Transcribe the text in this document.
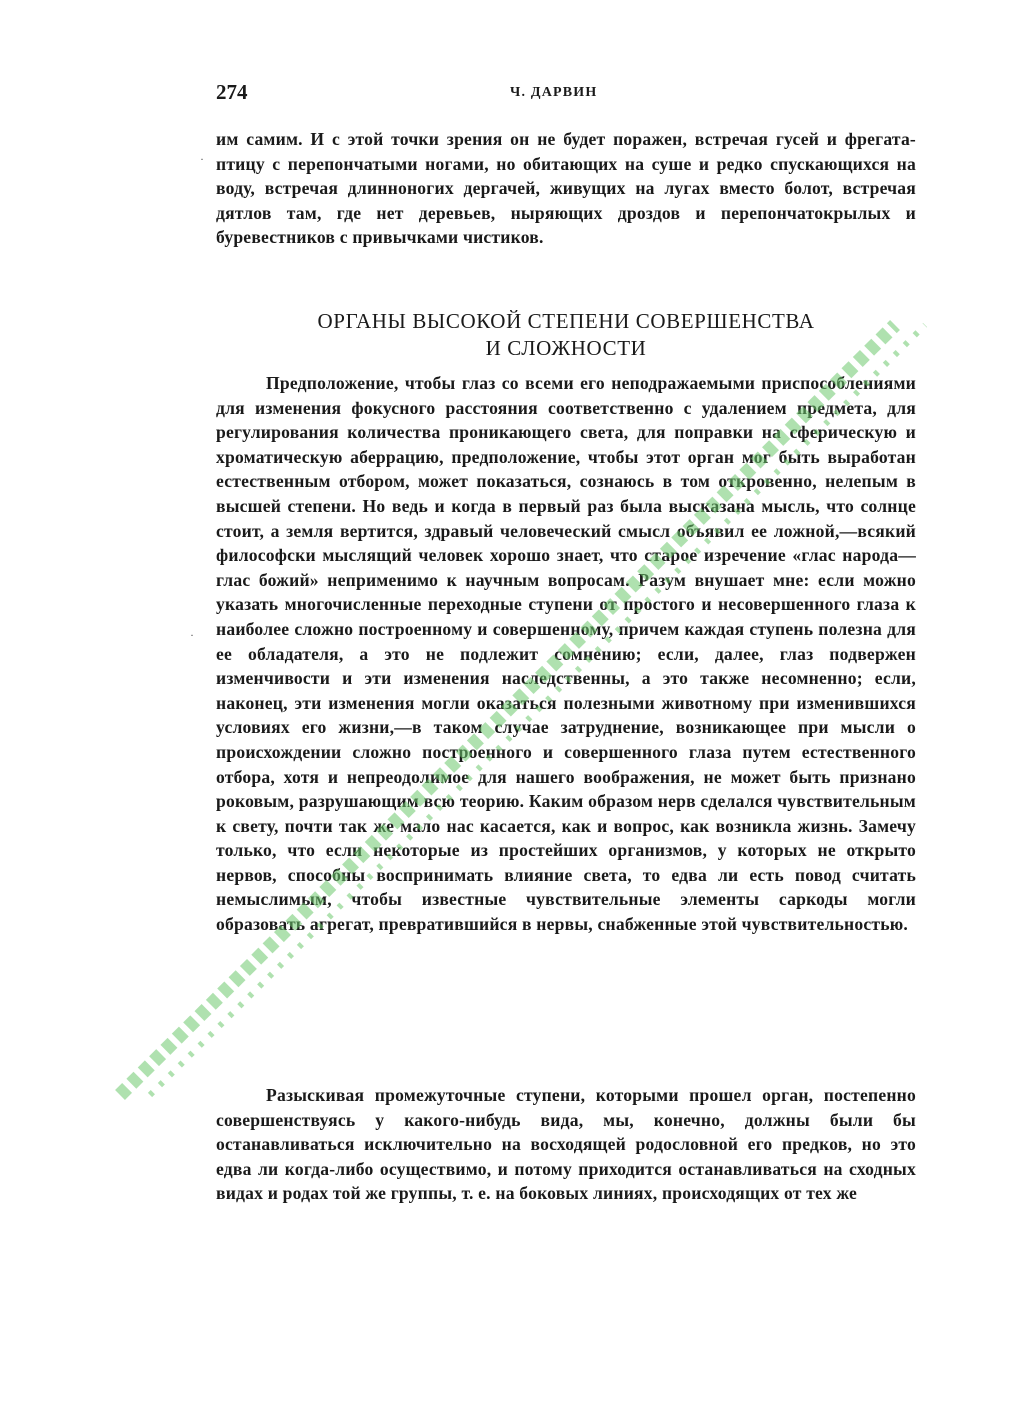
274	Ч. ДАРВИН
·
·

им самим. И с этой точки зрения он не будет поражен, встречая гусей и фрегата-птицу с перепончатыми ногами, но обитающих на суше и редко спускающихся на воду, встречая длинноногих дергачей, живущих на лугах вместо болот, встречая дятлов там, где нет деревьев, ныряющих дроздов и перепончатокрылых и буревестников с привычками чистиков.

ОРГАНЫ ВЫСОКОЙ СТЕПЕНИ СОВЕРШЕНСТВА
И СЛОЖНОСТИ

Предположение, чтобы глаз со всеми его неподражаемыми приспособлениями для изменения фокусного расстояния соответственно с удалением предмета, для регулирования количества проникающего света, для поправки на сферическую и хроматическую аберрацию, предположение, чтобы этот орган мог быть выработан естественным отбором, может показаться, сознаюсь в том откровенно, нелепым в высшей степени. Но ведь и когда в первый раз была высказана мысль, что солнце стоит, а земля вертится, здравый человеческий смысл объявил ее ложной,—всякий философски мыслящий человек хорошо знает, что старое изречение «глас народа—глас божий» неприменимо к научным вопросам. Разум внушает мне: если можно указать многочисленные переходные ступени от простого и несовершенного глаза к наиболее сложно построенному и совершенному, причем каждая ступень полезна для ее обладателя, а это не подлежит сомнению; если, далее, глаз подвержен изменчивости и эти изменения наследственны, а это также несомненно; если, наконец, эти изменения могли оказаться полезными животному при изменившихся условиях его жизни,—в таком случае затруднение, возникающее при мысли о происхождении сложно построенного и совершенного глаза путем естественного отбора, хотя и непреодолимое для нашего воображения, не может быть признано роковым, разрушающим всю теорию. Каким образом нерв сделался чувствительным к свету, почти так же мало нас касается, как и вопрос, как возникла жизнь. Замечу только, что если некоторые из простейших организмов, у которых не открыто нервов, способны воспринимать влияние света, то едва ли есть повод считать немыслимым, чтобы известные чувствительные элементы саркоды могли образовать агрегат, превратившийся в нервы, снабженные этой чувствительностью.

Разыскивая промежуточные ступени, которыми прошел орган, постепенно совершенствуясь у какого-нибудь вида, мы, конечно, должны были бы останавливаться исключительно на восходящей родословной его предков, но это едва ли когда-либо осуществимо, и потому приходится останавливаться на сходных видах и родах той же группы, т. е. на боковых линиях, происходящих от тех же
